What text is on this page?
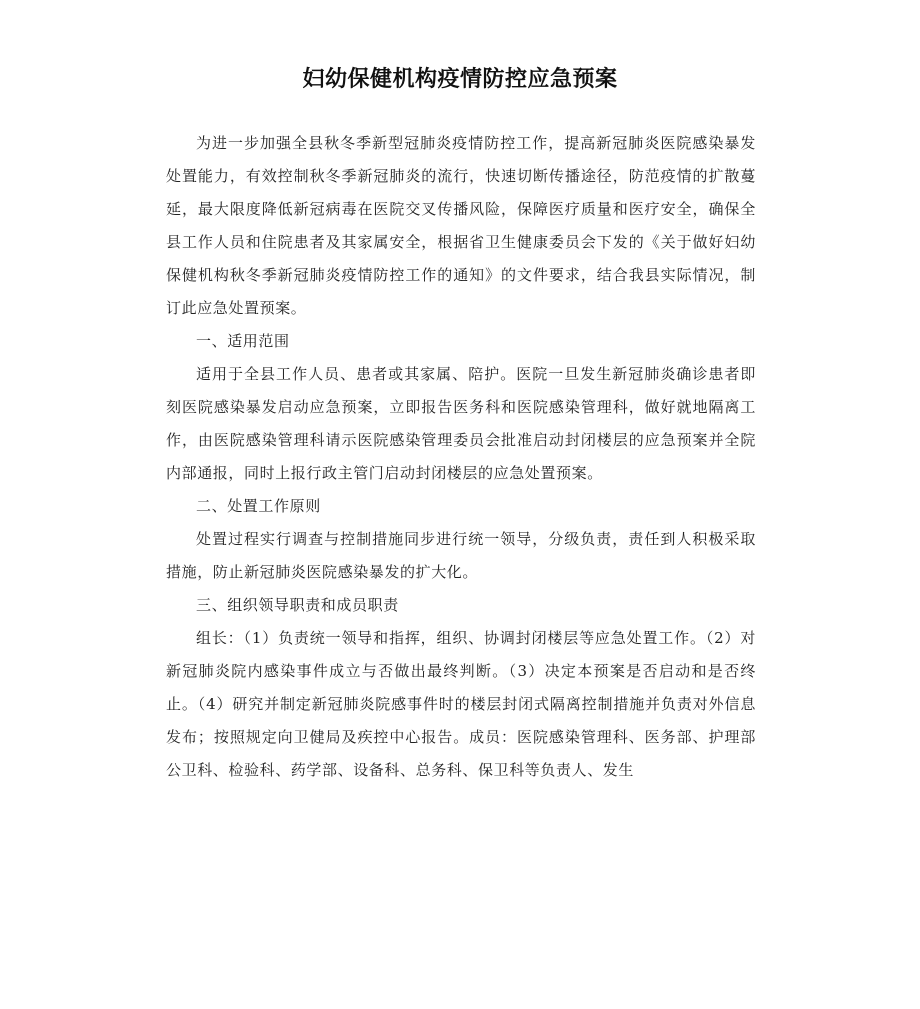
妇幼保健机构疫情防控应急预案

为进一步加强全县秋冬季新型冠肺炎疫情防控工作，提高新冠肺炎医院感染暴发处置能力，有效控制秋冬季新冠肺炎的流行，快速切断传播途径，防范疫情的扩散蔓延，最大限度降低新冠病毒在医院交叉传播风险，保障医疗质量和医疗安全，确保全县工作人员和住院患者及其家属安全，根据省卫生健康委员会下发的《关于做好妇幼保健机构秋冬季新冠肺炎疫情防控工作的通知》的文件要求，结合我县实际情况，制订此应急处置预案。

一、适用范围

适用于全县工作人员、患者或其家属、陪护。医院一旦发生新冠肺炎确诊患者即刻医院感染暴发启动应急预案，立即报告医务科和医院感染管理科，做好就地隔离工作，由医院感染管理科请示医院感染管理委员会批准启动封闭楼层的应急预案并全院内部通报，同时上报行政主管门启动封闭楼层的应急处置预案。

二、处置工作原则

处置过程实行调查与控制措施同步进行统一领导，分级负责，责任到人积极采取措施，防止新冠肺炎医院感染暴发的扩大化。

三、组织领导职责和成员职责

组长：（1）负责统一领导和指挥，组织、协调封闭楼层等应急处置工作。（2）对新冠肺炎院内感染事件成立与否做出最终判断。（3）决定本预案是否启动和是否终止。（4）研究并制定新冠肺炎院感事件时的楼层封闭式隔离控制措施并负责对外信息发布；按照规定向卫健局及疾控中心报告。成员：医院感染管理科、医务部、护理部公卫科、检验科、药学部、设备科、总务科、保卫科等负责人、发生
